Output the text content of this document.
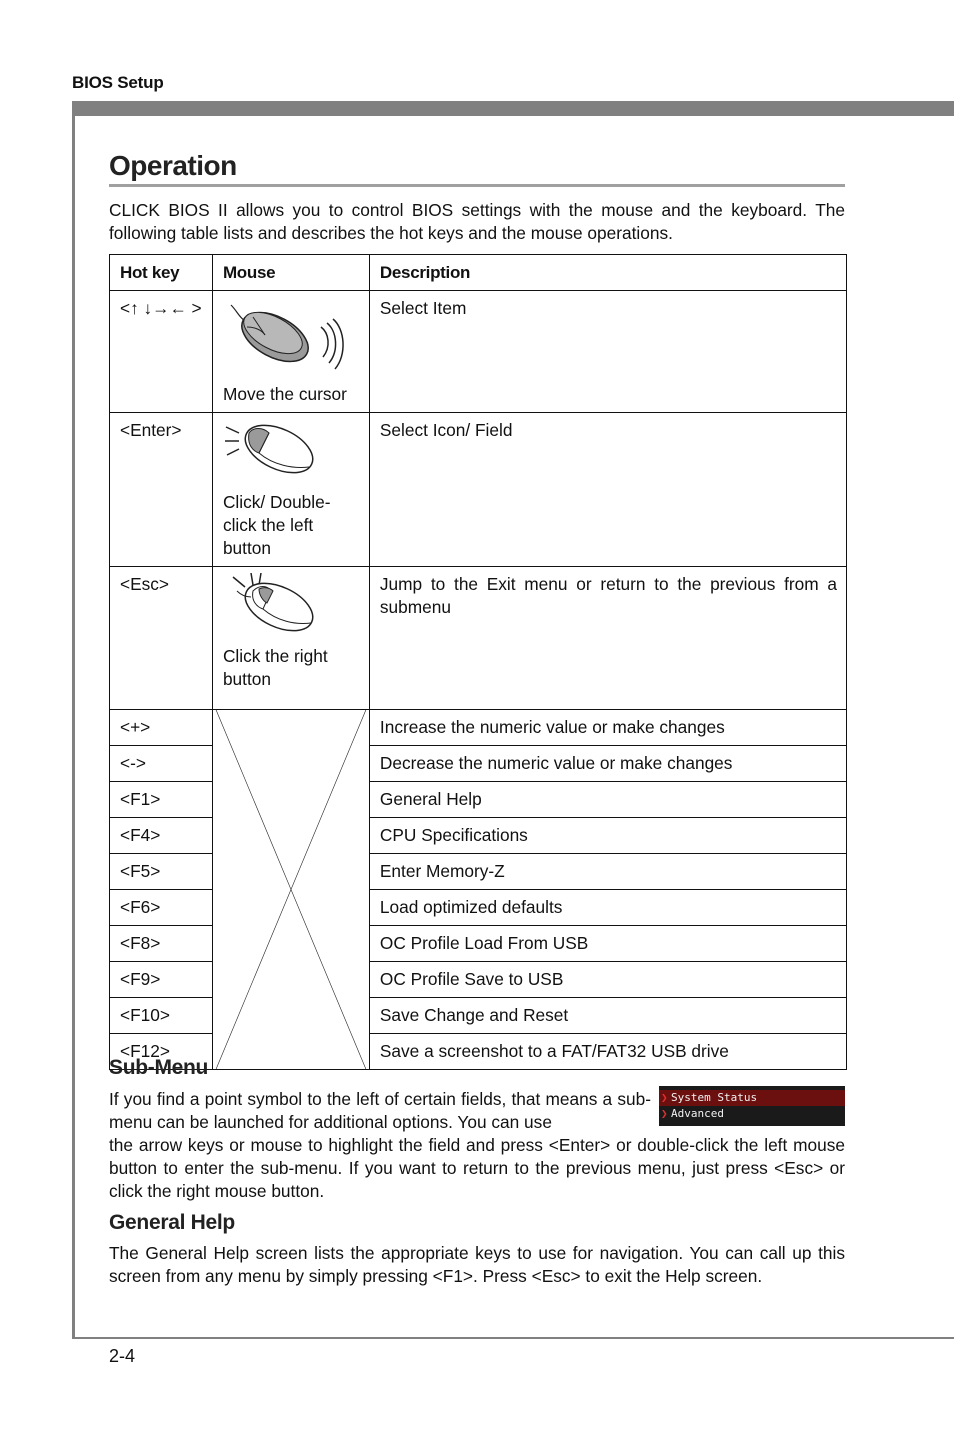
BIOS Setup
Operation

CLICK BIOS II allows you to control BIOS settings with the mouse and the keyboard. The following table lists and describes the hot keys and the mouse operations.

Hot key	Mouse	Description
<↑ ↓→← >	Move the cursor	Select Item
<Enter>	Click/ Double-click the left button	Select Icon/ Field
<Esc>	Click the right button	Jump to the Exit menu or return to the previous from a submenu
<+>		Increase the numeric value or make changes
<->		Decrease the numeric value or make changes
<F1>		General Help
<F4>		CPU Specifications
<F5>		Enter Memory-Z
<F6>		Load optimized defaults
<F8>		OC Profile Load From USB
<F9>		OC Profile Save to USB
<F10>		Save Change and Reset
<F12>		Save a screenshot to a FAT/FAT32 USB drive
Sub-Menu

If you find a point symbol to the left of certain fields, that means a sub-menu can be launched for additional options. You can use

the arrow keys or mouse to highlight the field and press <Enter> or double-click the left mouse button to enter the sub-menu. If you want to return to the previous menu, just press <Esc> or click the right mouse button.

❯ System Status
❯ Advanced
General Help

The General Help screen lists the appropriate keys to use for navigation. You can call up this screen from any menu by simply pressing <F1>. Press <Esc> to exit the Help screen.

2-4
